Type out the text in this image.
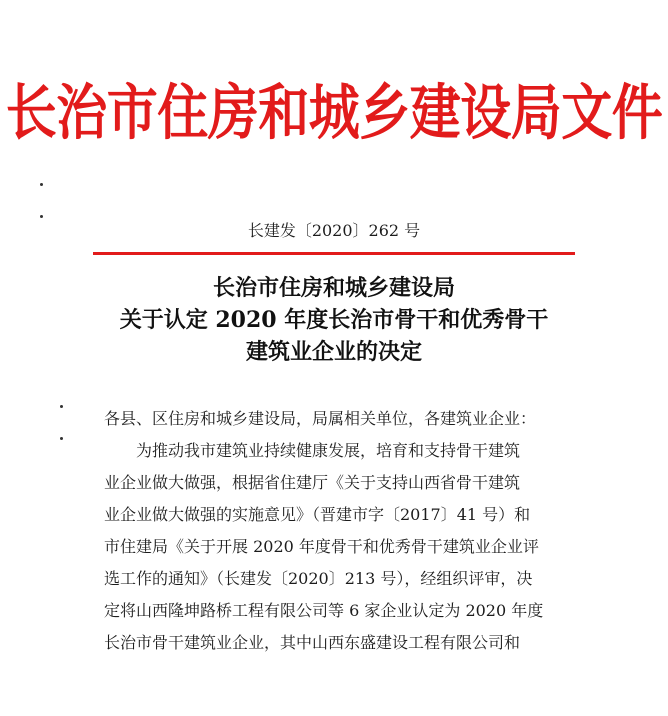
长治市住房和城乡建设局文件
长建发〔2020〕262 号
长治市住房和城乡建设局
关于认定 2020 年度长治市骨干和优秀骨干
建筑业企业的决定

各县、区住房和城乡建设局，局属相关单位，各建筑业企业：

为推动我市建筑业持续健康发展，培育和支持骨干建筑

业企业做大做强，根据省住建厅《关于支持山西省骨干建筑

业企业做大做强的实施意见》（晋建市字〔2017〕41 号）和

市住建局《关于开展 2020 年度骨干和优秀骨干建筑业企业评

选工作的通知》（长建发〔2020〕213 号），经组织评审，决

定将山西隆坤路桥工程有限公司等 6 家企业认定为 2020 年度

长治市骨干建筑业企业，其中山西东盛建设工程有限公司和
